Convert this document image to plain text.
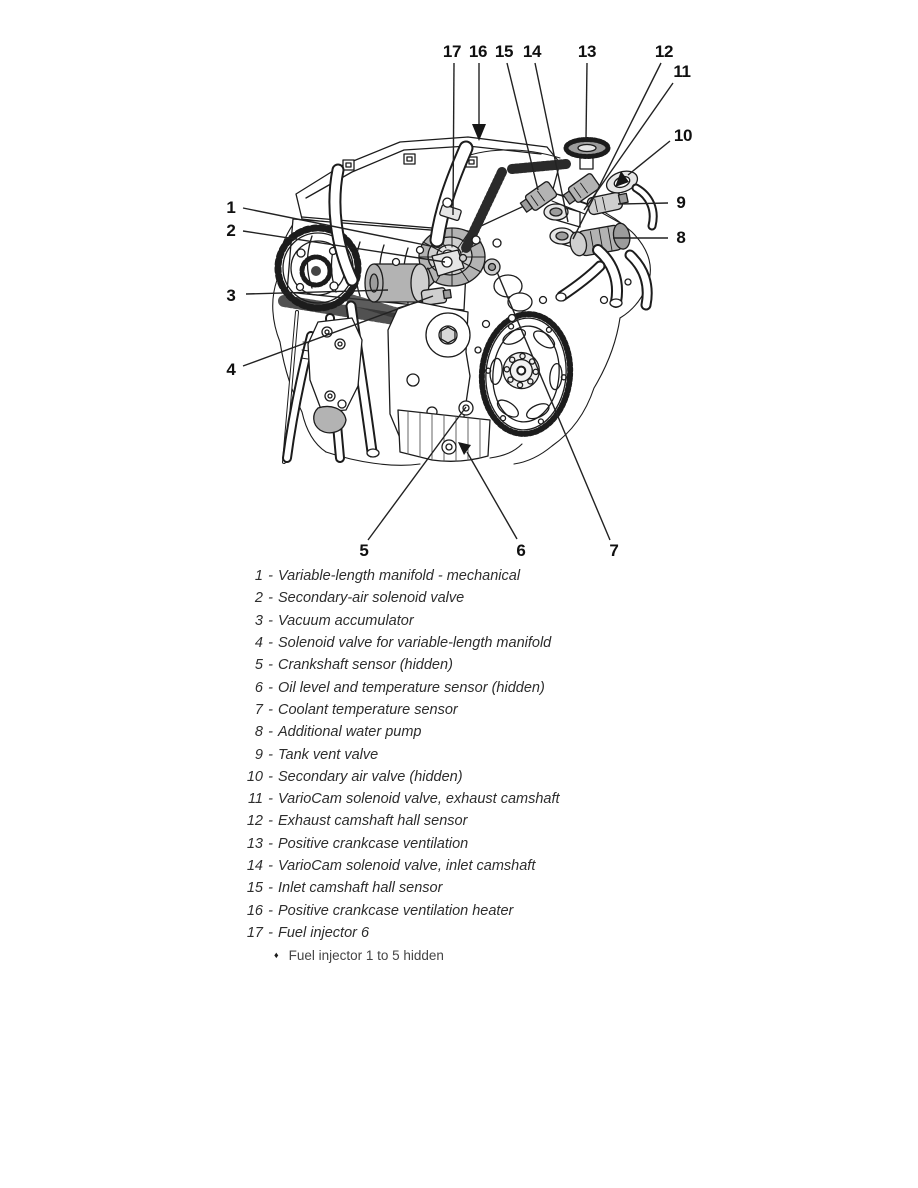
1
2
3
4
5	6	7
8
9
10
11
12
13
14
15
16
17
1 - Variable-length manifold - mechanical
2 - Secondary-air solenoid valve
3 - Vacuum accumulator
4 - Solenoid valve for variable-length manifold
5 - Crankshaft sensor (hidden)
6 - Oil level and temperature sensor (hidden)
7 - Coolant temperature sensor
8 - Additional water pump
9 - Tank vent valve
10 - Secondary air valve (hidden)
11 - VarioCam solenoid valve, exhaust camshaft
12 - Exhaust camshaft hall sensor
13 - Positive crankcase ventilation
14 - VarioCam solenoid valve, inlet camshaft
15 - Inlet camshaft hall sensor
16 - Positive crankcase ventilation heater
17 - Fuel injector 6
♦ Fuel injector 1 to 5 hidden
